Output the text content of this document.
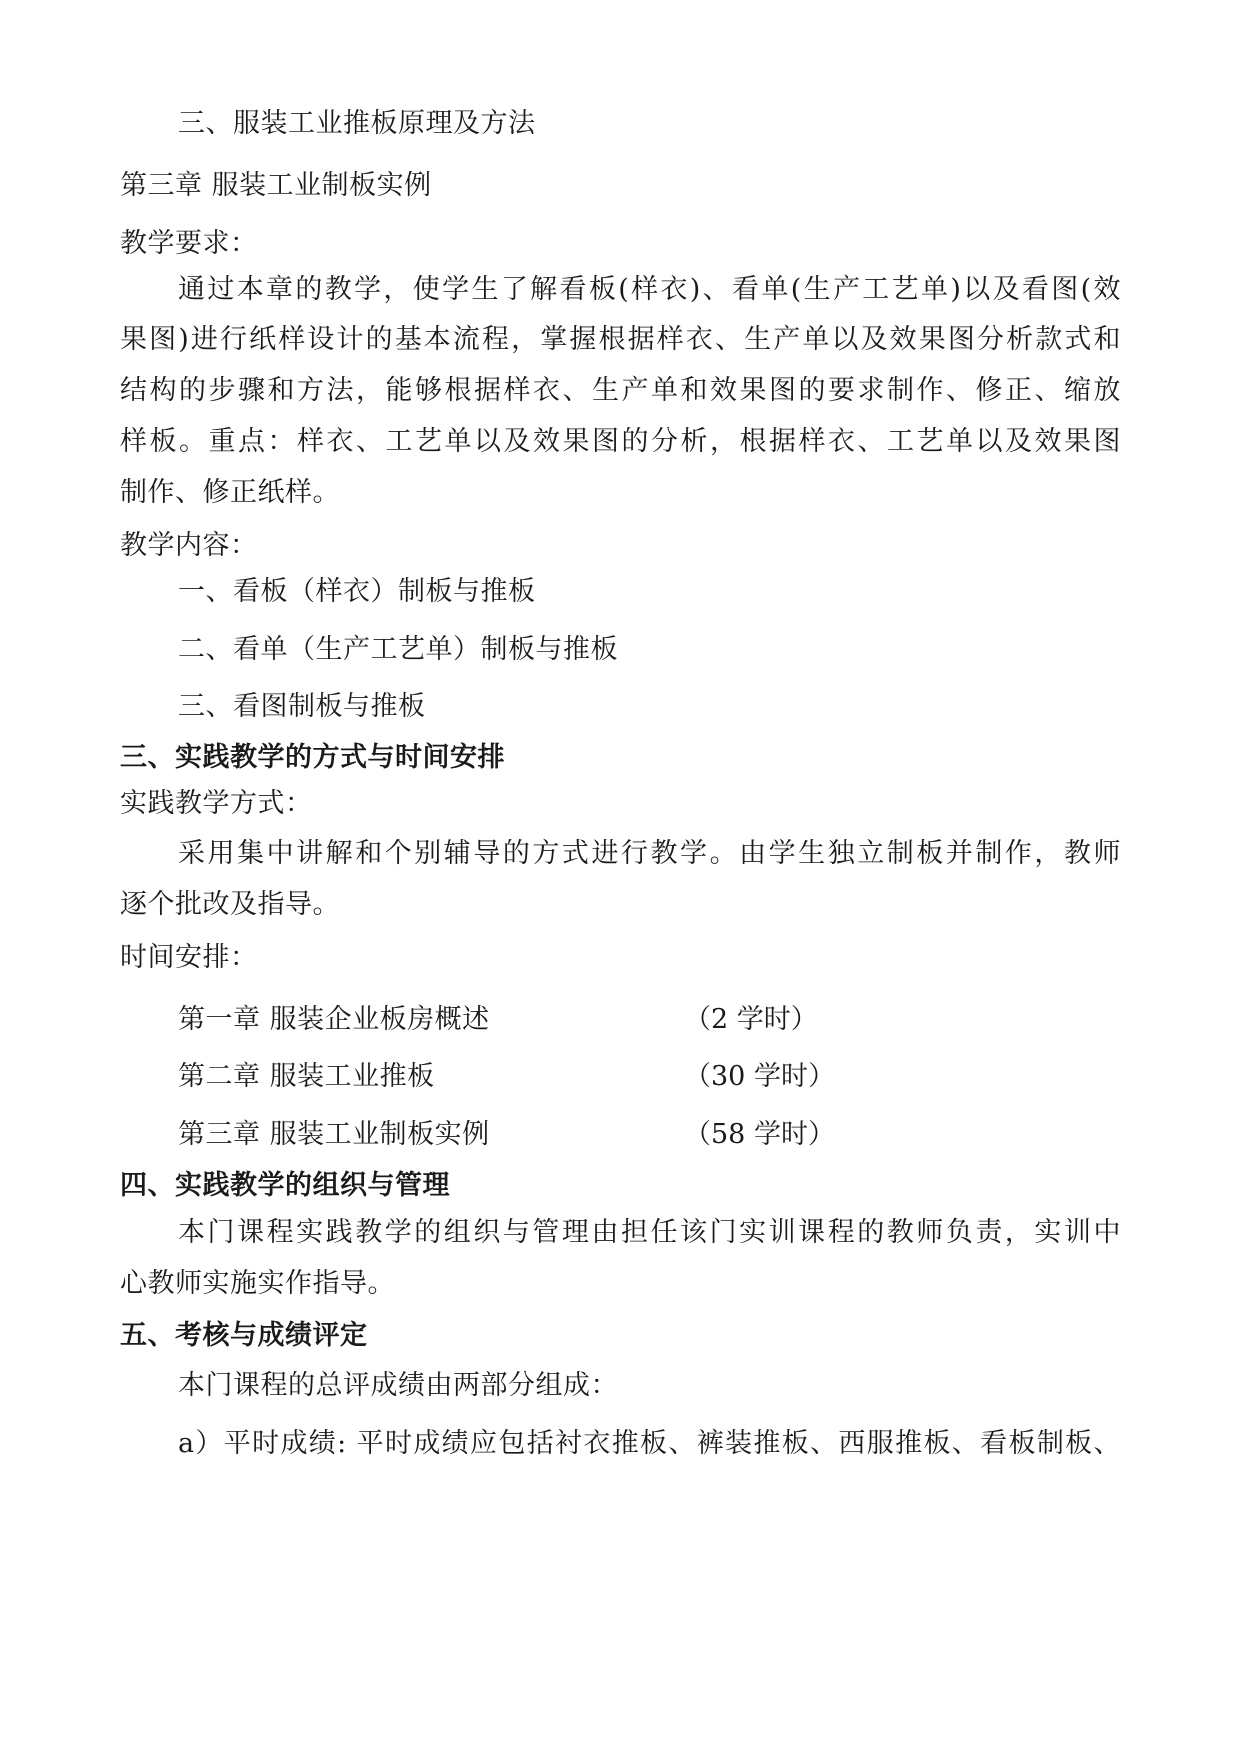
三、服装工业推板原理及方法
第三章 服装工业制板实例
教学要求：
通过本章的教学，使学生了解看板(样衣)、看单(生产工艺单)以及看图(效
果图)进行纸样设计的基本流程，掌握根据样衣、生产单以及效果图分析款式和
结构的步骤和方法，能够根据样衣、生产单和效果图的要求制作、修正、缩放
样板。重点：样衣、工艺单以及效果图的分析，根据样衣、工艺单以及效果图
制作、修正纸样。
教学内容：
一、看板（样衣）制板与推板
二、看单（生产工艺单）制板与推板
三、看图制板与推板
三、实践教学的方式与时间安排
实践教学方式：
采用集中讲解和个别辅导的方式进行教学。由学生独立制板并制作，教师
逐个批改及指导。
时间安排：
第一章 服装企业板房概述	（2 学时）
第二章 服装工业推板	（30 学时）
第三章 服装工业制板实例	（58 学时）
四、实践教学的组织与管理
本门课程实践教学的组织与管理由担任该门实训课程的教师负责，实训中
心教师实施实作指导。
五、考核与成绩评定
本门课程的总评成绩由两部分组成：
a）平时成绩: 平时成绩应包括衬衣推板、裤装推板、西服推板、看板制板、
